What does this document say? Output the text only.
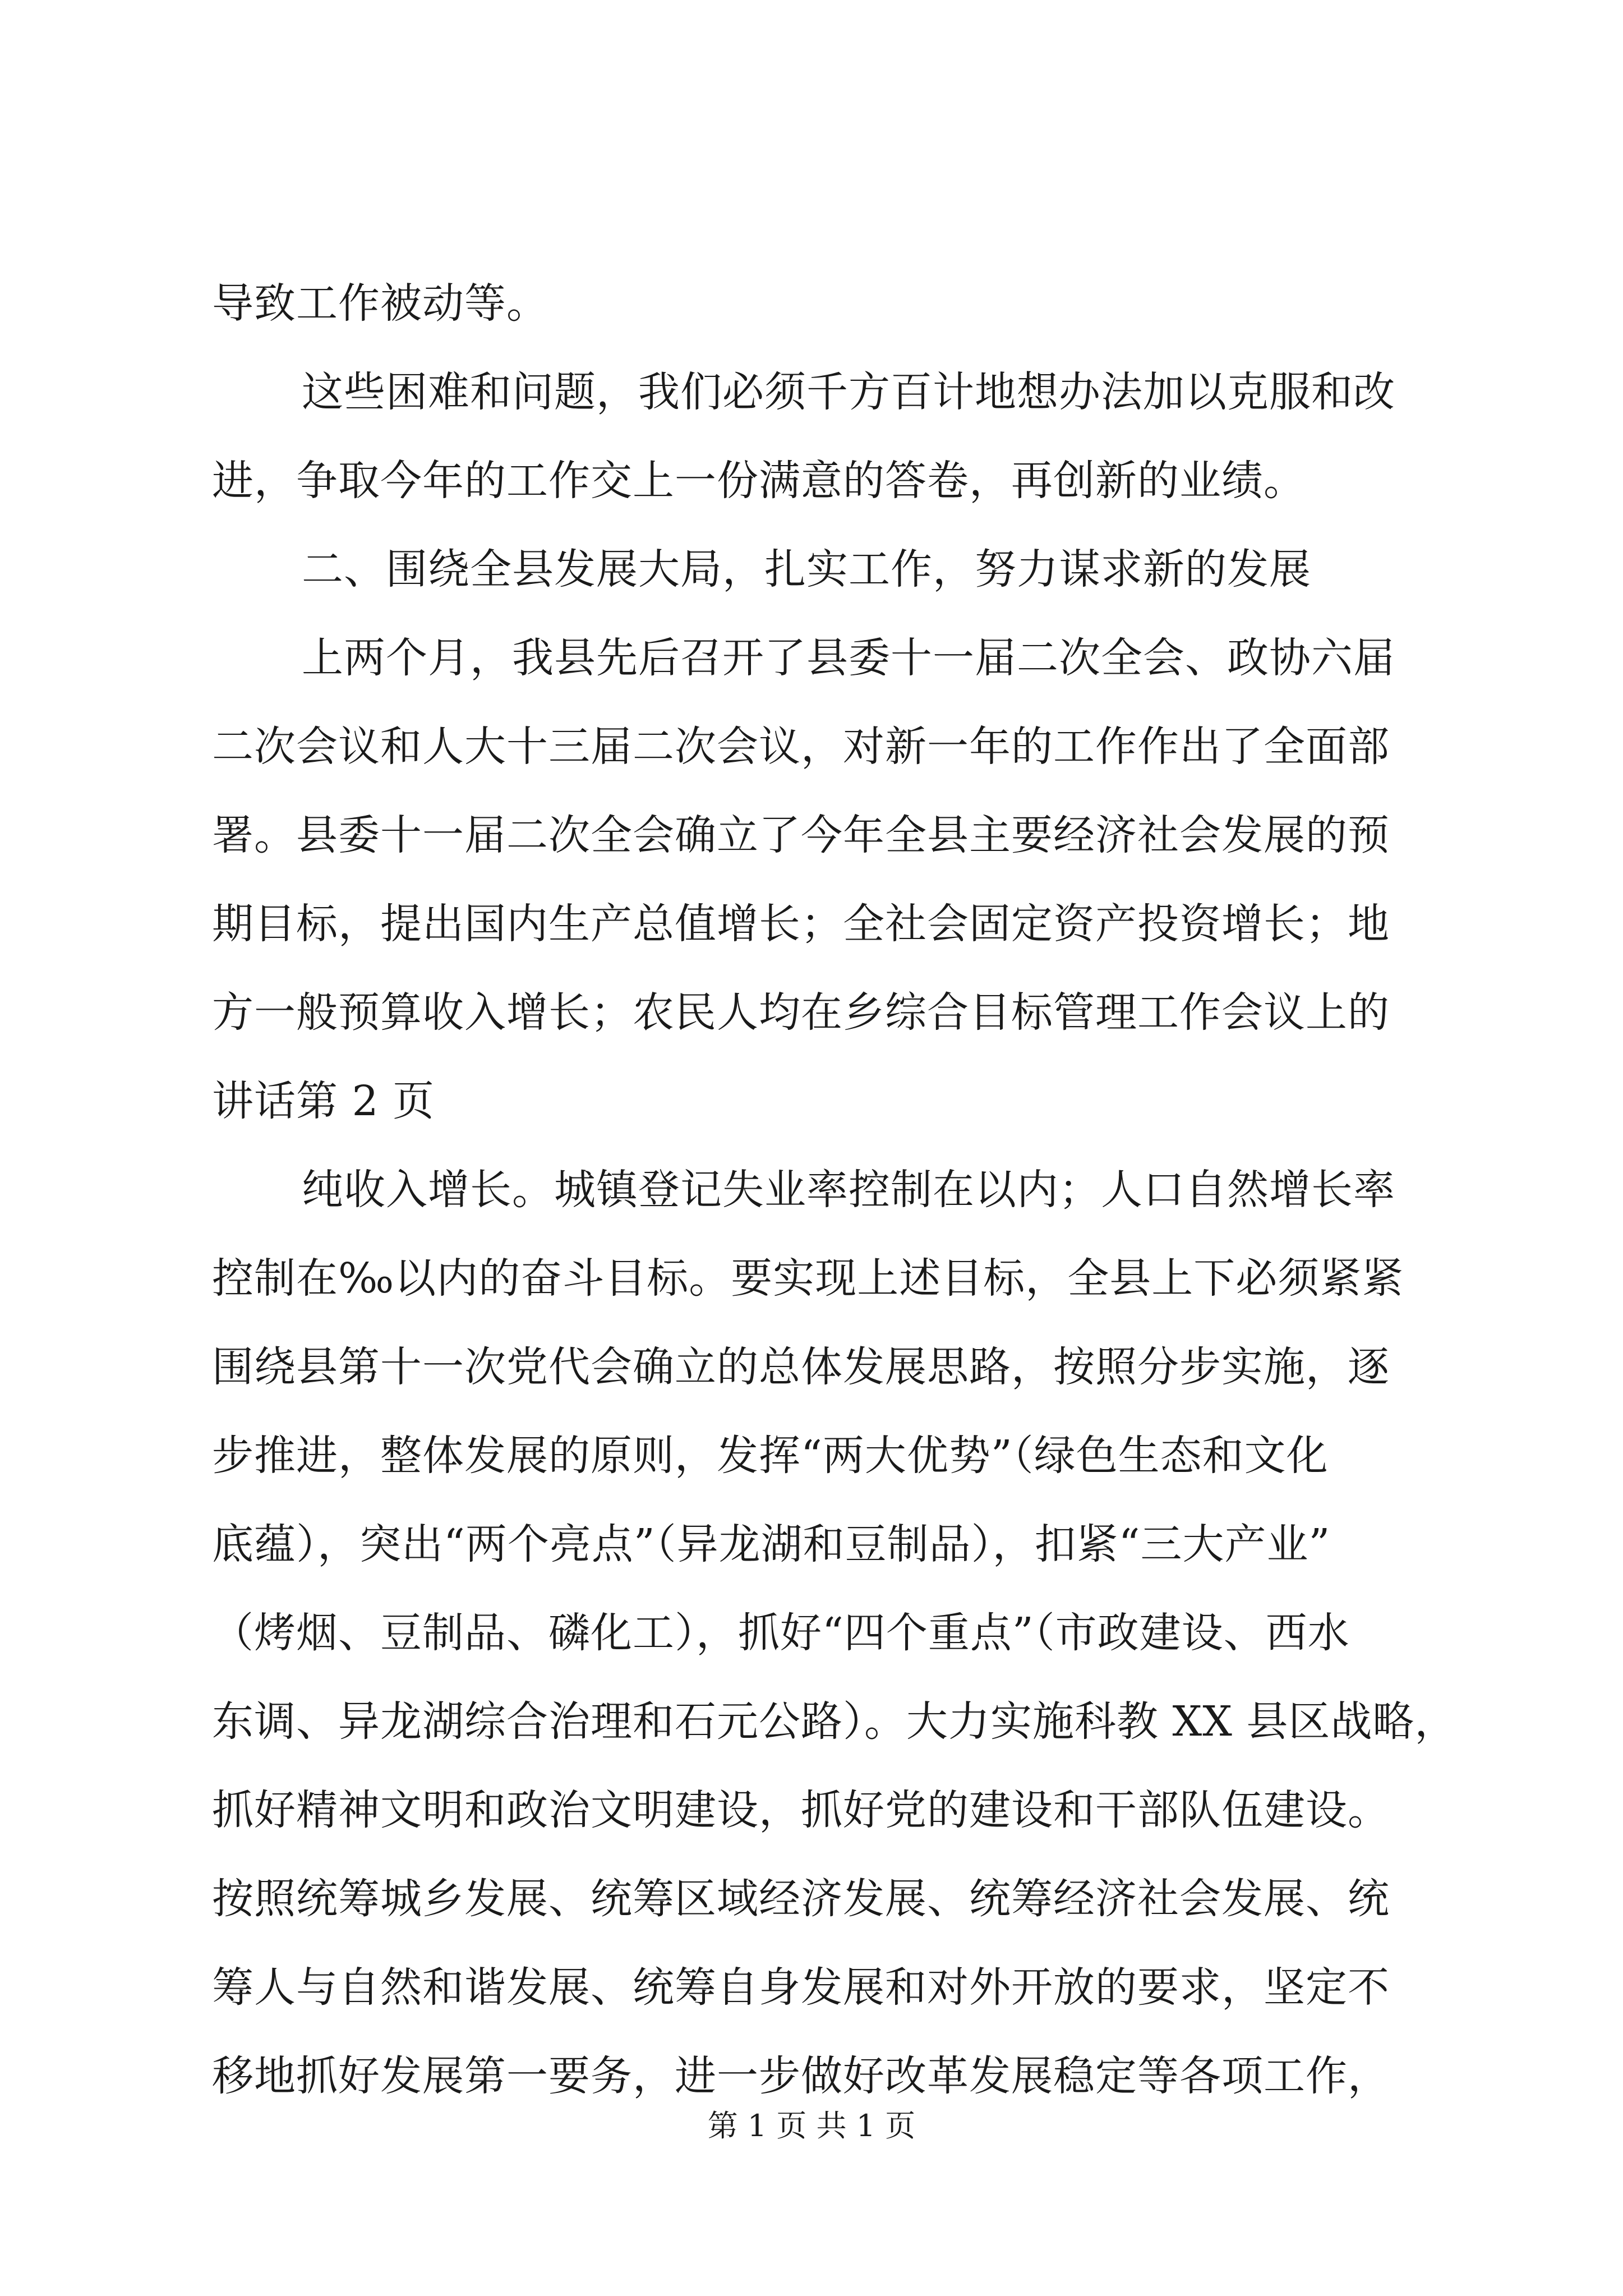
导致工作被动等。
这些困难和问题，我们必须千方百计地想办法加以克服和改
进，争取今年的工作交上一份满意的答卷，再创新的业绩。
二、围绕全县发展大局，扎实工作，努力谋求新的发展
上两个月，我县先后召开了县委十一届二次全会、政协六届
二次会议和人大十三届二次会议，对新一年的工作作出了全面部
署。县委十一届二次全会确立了今年全县主要经济社会发展的预
期目标，提出国内生产总值增长；全社会固定资产投资增长；地
方一般预算收入增长；农民人均在乡综合目标管理工作会议上的
讲话第 2 页
纯收入增长。城镇登记失业率控制在以内；人口自然增长率
控制在‰以内的奋斗目标。要实现上述目标，全县上下必须紧紧
围绕县第十一次党代会确立的总体发展思路，按照分步实施，逐
步推进，整体发展的原则，发挥“两大优势”（绿色生态和文化
底蕴），突出“两个亮点”（异龙湖和豆制品），扣紧“三大产业”
（烤烟、豆制品、磷化工），抓好“四个重点”（市政建设、西水
东调、异龙湖综合治理和石元公路）。大力实施科教 XX 县区战略，
抓好精神文明和政治文明建设，抓好党的建设和干部队伍建设。
按照统筹城乡发展、统筹区域经济发展、统筹经济社会发展、统
筹人与自然和谐发展、统筹自身发展和对外开放的要求，坚定不
移地抓好发展第一要务，进一步做好改革发展稳定等各项工作，
第 1 页 共 1 页
